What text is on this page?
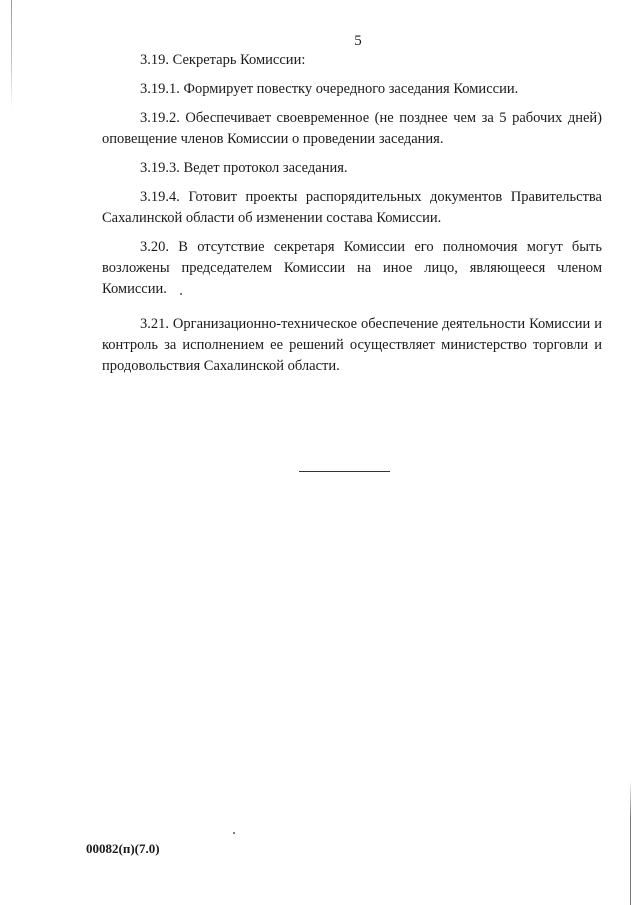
5

3.19. Секретарь Комиссии:

3.19.1. Формирует повестку очередного заседания Комиссии.

3.19.2. Обеспечивает своевременное (не позднее чем за 5 рабочих дней) оповещение членов Комиссии о проведении заседания.

3.19.3. Ведет протокол заседания.

3.19.4. Готовит проекты распорядительных документов Правительства Сахалинской области об изменении состава Комиссии.

3.20. В отсутствие секретаря Комиссии его полномочия могут быть возложены председателем Комиссии на иное лицо, являющееся членом Комиссии.

3.21. Организационно-техническое обеспечение деятельности Комиссии и контроль за исполнением ее решений осуществляет министерство торговли и продовольствия Сахалинской области.

00082(п)(7.0)
